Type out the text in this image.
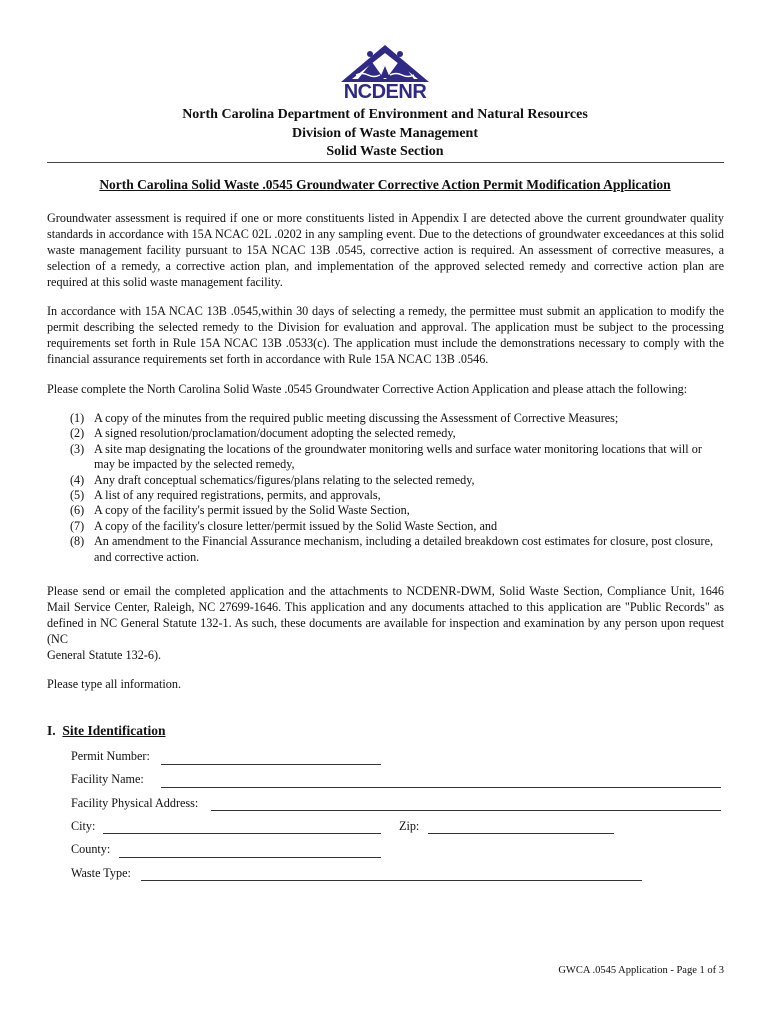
NCDENR
North Carolina Department of Environment and Natural Resources
Division of Waste Management
Solid Waste Section
North Carolina Solid Waste .0545 Groundwater Corrective Action Permit Modification Application

Groundwater assessment is required if one or more constituents listed in Appendix I are detected above the current groundwater quality standards in accordance with 15A NCAC 02L .0202 in any sampling event. Due to the detections of groundwater exceedances at this solid waste management facility pursuant to 15A NCAC 13B .0545, corrective action is required. An assessment of corrective measures, a selection of a remedy, a corrective action plan, and implementation of the approved selected remedy and corrective action plan are required at this solid waste management facility.

In accordance with 15A NCAC 13B .0545,within 30 days of selecting a remedy, the permittee must submit an application to modify the permit describing the selected remedy to the Division for evaluation and approval. The application must be subject to the processing requirements set forth in Rule 15A NCAC 13B .0533(c). The application must include the demonstrations necessary to comply with the financial assurance requirements set forth in accordance with Rule 15A NCAC 13B .0546.

Please complete the North Carolina Solid Waste .0545 Groundwater Corrective Action Application and please attach the following:

(1) A copy of the minutes from the required public meeting discussing the Assessment of Corrective Measures;
(2) A signed resolution/proclamation/document adopting the selected remedy,
(3) A site map designating the locations of the groundwater monitoring wells and surface water monitoring locations that will or may be impacted by the selected remedy,
(4) Any draft conceptual schematics/figures/plans relating to the selected remedy,
(5) A list of any required registrations, permits, and approvals,
(6) A copy of the facility's permit issued by the Solid Waste Section,
(7) A copy of the facility's closure letter/permit issued by the Solid Waste Section, and
(8) An amendment to the Financial Assurance mechanism, including a detailed breakdown cost estimates for closure, post closure, and corrective action.
Please send or email the completed application and the attachments to NCDENR-DWM, Solid Waste Section, Compliance Unit, 1646 Mail Service Center, Raleigh, NC 27699-1646. This application and any documents attached to this application are "Public Records" as defined in NC General Statute 132-1. As such, these documents are available for inspection and examination by any person upon request (NC
General Statute 132-6).

Please type all information.

I. Site Identification
Permit Number:
Facility Name:
Facility Physical Address:
City:	Zip:
County:
Waste Type:
GWCA .0545 Application - Page 1 of 3
